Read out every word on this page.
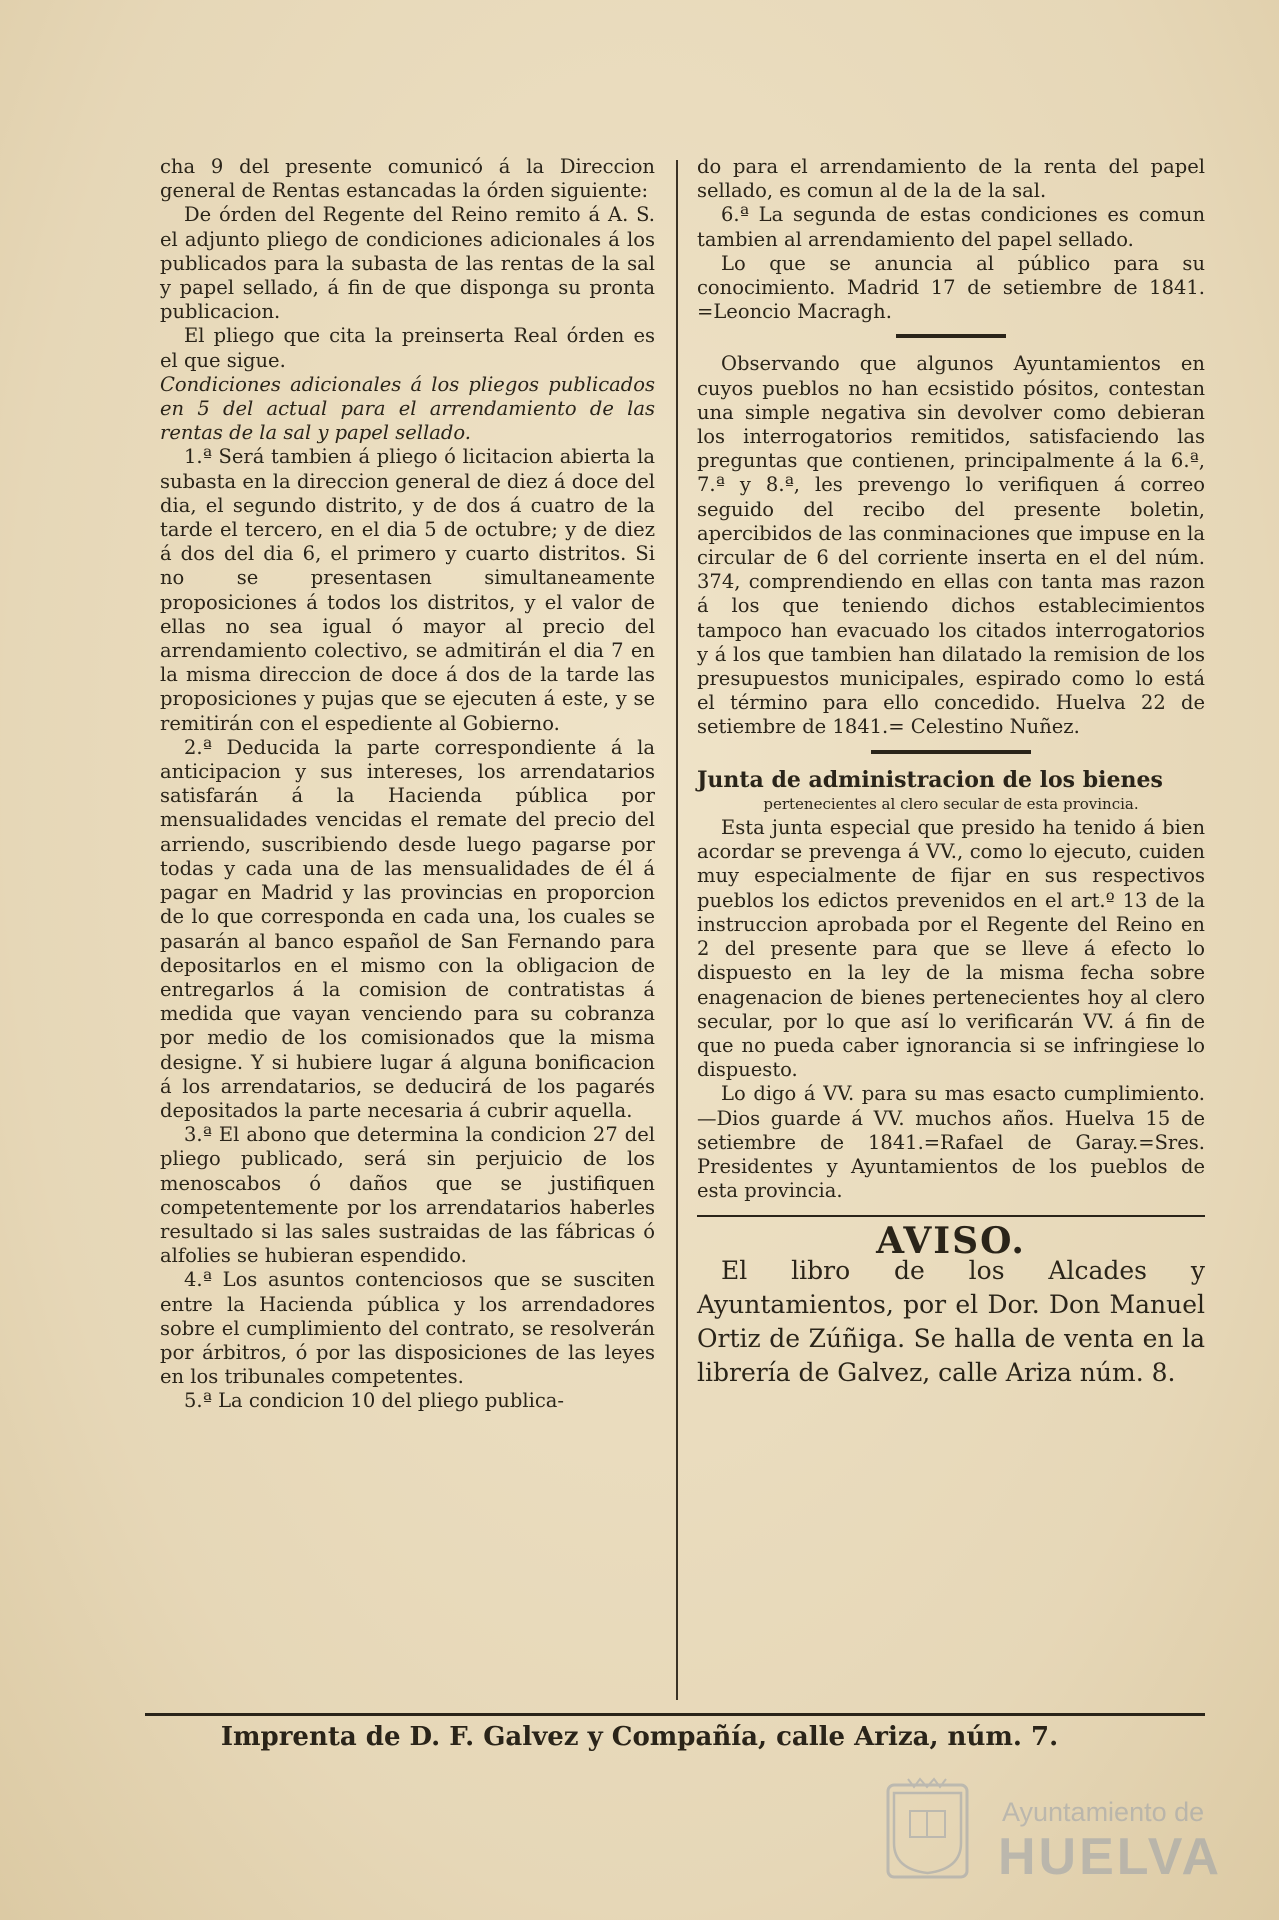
cha 9 del presente comunicó á la Direccion general de Rentas estancadas la órden siguiente:

De órden del Regente del Reino remito á A. S. el adjunto pliego de condiciones adicionales á los publicados para la subasta de las rentas de la sal y papel sellado, á fin de que disponga su pronta publicacion.

El pliego que cita la preinserta Real órden es el que sigue.

Condiciones adicionales á los pliegos publicados en 5 del actual para el arrendamiento de las rentas de la sal y papel sellado.

1.ª Será tambien á pliego ó licitacion abierta la subasta en la direccion general de diez á doce del dia, el segundo distrito, y de dos á cuatro de la tarde el tercero, en el dia 5 de octubre; y de diez á dos del dia 6, el primero y cuarto distritos. Si no se presentasen simultaneamente proposiciones á todos los distritos, y el valor de ellas no sea igual ó mayor al precio del arrendamiento colectivo, se admitirán el dia 7 en la misma direccion de doce á dos de la tarde las proposiciones y pujas que se ejecuten á este, y se remitirán con el espediente al Gobierno.

2.ª Deducida la parte correspondiente á la anticipacion y sus intereses, los arrendatarios satisfarán á la Hacienda pública por mensualidades vencidas el remate del precio del arriendo, suscribiendo desde luego pagarse por todas y cada una de las mensualidades de él á pagar en Madrid y las provincias en proporcion de lo que corresponda en cada una, los cuales se pasarán al banco español de San Fernando para depositarlos en el mismo con la obligacion de entregarlos á la comision de contratistas á medida que vayan venciendo para su cobranza por medio de los comisionados que la misma designe. Y si hubiere lugar á alguna bonificacion á los arrendatarios, se deducirá de los pagarés depositados la parte necesaria á cubrir aquella.

3.ª El abono que determina la condicion 27 del pliego publicado, será sin perjuicio de los menoscabos ó daños que se justifiquen competentemente por los arrendatarios haberles resultado si las sales sustraidas de las fábricas ó alfolies se hubieran espendido.

4.ª Los asuntos contenciosos que se susciten entre la Hacienda pública y los arrendadores sobre el cumplimiento del contrato, se resolverán por árbitros, ó por las disposiciones de las leyes en los tribunales competentes.

5.ª La condicion 10 del pliego publica-

do para el arrendamiento de la renta del papel sellado, es comun al de la de la sal.

6.ª La segunda de estas condiciones es comun tambien al arrendamiento del papel sellado.

Lo que se anuncia al público para su conocimiento. Madrid 17 de setiembre de 1841. =Leoncio Macragh.

Observando que algunos Ayuntamientos en cuyos pueblos no han ecsistido pósitos, contestan una simple negativa sin devolver como debieran los interrogatorios remitidos, satisfaciendo las preguntas que contienen, principalmente á la 6.ª, 7.ª y 8.ª, les prevengo lo verifiquen á correo seguido del recibo del presente boletin, apercibidos de las conminaciones que impuse en la circular de 6 del corriente inserta en el del núm. 374, comprendiendo en ellas con tanta mas razon á los que teniendo dichos establecimientos tampoco han evacuado los citados interrogatorios y á los que tambien han dilatado la remision de los presupuestos municipales, espirado como lo está el término para ello concedido. Huelva 22 de setiembre de 1841.= Celestino Nuñez.

Junta de administracion de los bienes

pertenecientes al clero secular de esta provincia.

Esta junta especial que presido ha tenido á bien acordar se prevenga á VV., como lo ejecuto, cuiden muy especialmente de fijar en sus respectivos pueblos los edictos prevenidos en el art.º 13 de la instruccion aprobada por el Regente del Reino en 2 del presente para que se lleve á efecto lo dispuesto en la ley de la misma fecha sobre enagenacion de bienes pertenecientes hoy al clero secular, por lo que así lo verificarán VV. á fin de que no pueda caber ignorancia si se infringiese lo dispuesto.

Lo digo á VV. para su mas esacto cumplimiento.—Dios guarde á VV. muchos años. Huelva 15 de setiembre de 1841.=Rafael de Garay.=Sres. Presidentes y Ayuntamientos de los pueblos de esta provincia.

AVISO.

El libro de los Alcades y Ayuntamientos, por el Dor. Don Manuel Ortiz de Zúñiga. Se halla de venta en la librería de Galvez, calle Ariza núm. 8.

Imprenta de D. F. Galvez y Compañía, calle Ariza, núm. 7.
Ayuntamiento de
HUELVA
